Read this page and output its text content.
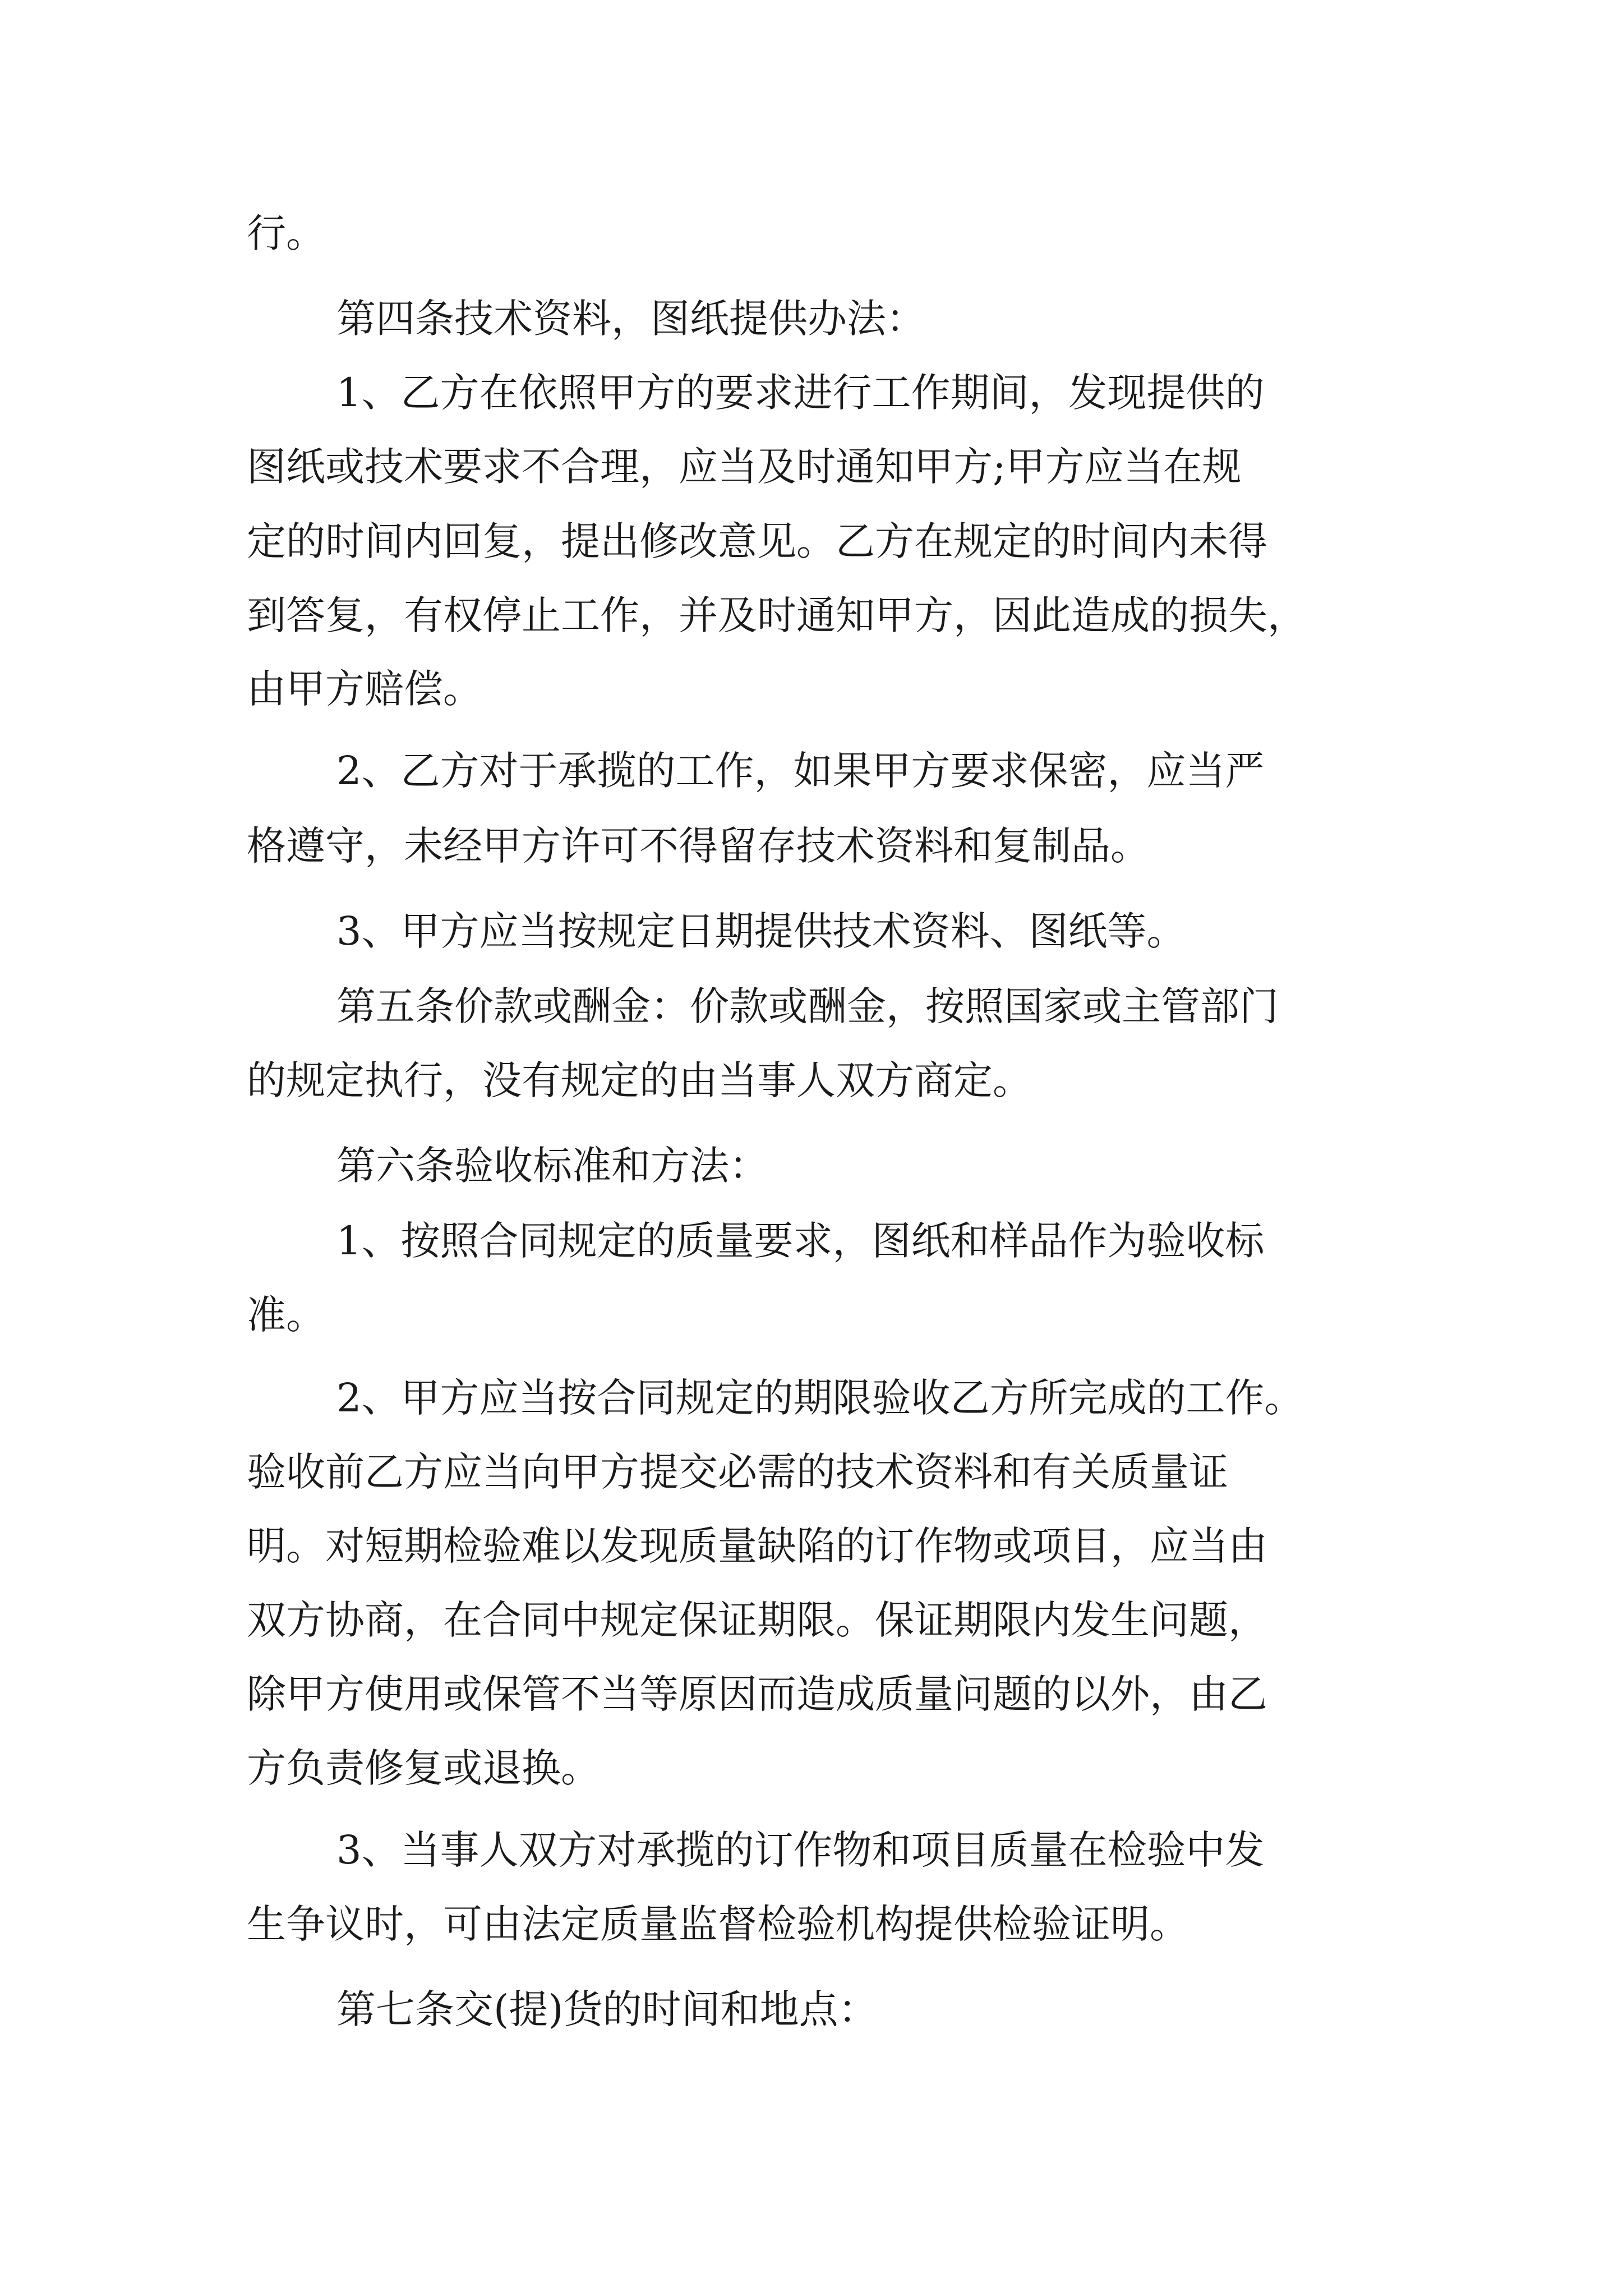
行。
第四条技术资料，图纸提供办法：
1、乙方在依照甲方的要求进行工作期间，发现提供的
图纸或技术要求不合理，应当及时通知甲方;甲方应当在规
定的时间内回复，提出修改意见。乙方在规定的时间内未得
到答复，有权停止工作，并及时通知甲方，因此造成的损失，
由甲方赔偿。
2、乙方对于承揽的工作，如果甲方要求保密，应当严
格遵守，未经甲方许可不得留存技术资料和复制品。
3、甲方应当按规定日期提供技术资料、图纸等。
第五条价款或酬金：价款或酬金，按照国家或主管部门
的规定执行，没有规定的由当事人双方商定。
第六条验收标准和方法：
1、按照合同规定的质量要求，图纸和样品作为验收标
准。
2、甲方应当按合同规定的期限验收乙方所完成的工作。
验收前乙方应当向甲方提交必需的技术资料和有关质量证
明。对短期检验难以发现质量缺陷的订作物或项目，应当由
双方协商，在合同中规定保证期限。保证期限内发生问题，
除甲方使用或保管不当等原因而造成质量问题的以外，由乙
方负责修复或退换。
3、当事人双方对承揽的订作物和项目质量在检验中发
生争议时，可由法定质量监督检验机构提供检验证明。
第七条交(提)货的时间和地点：
